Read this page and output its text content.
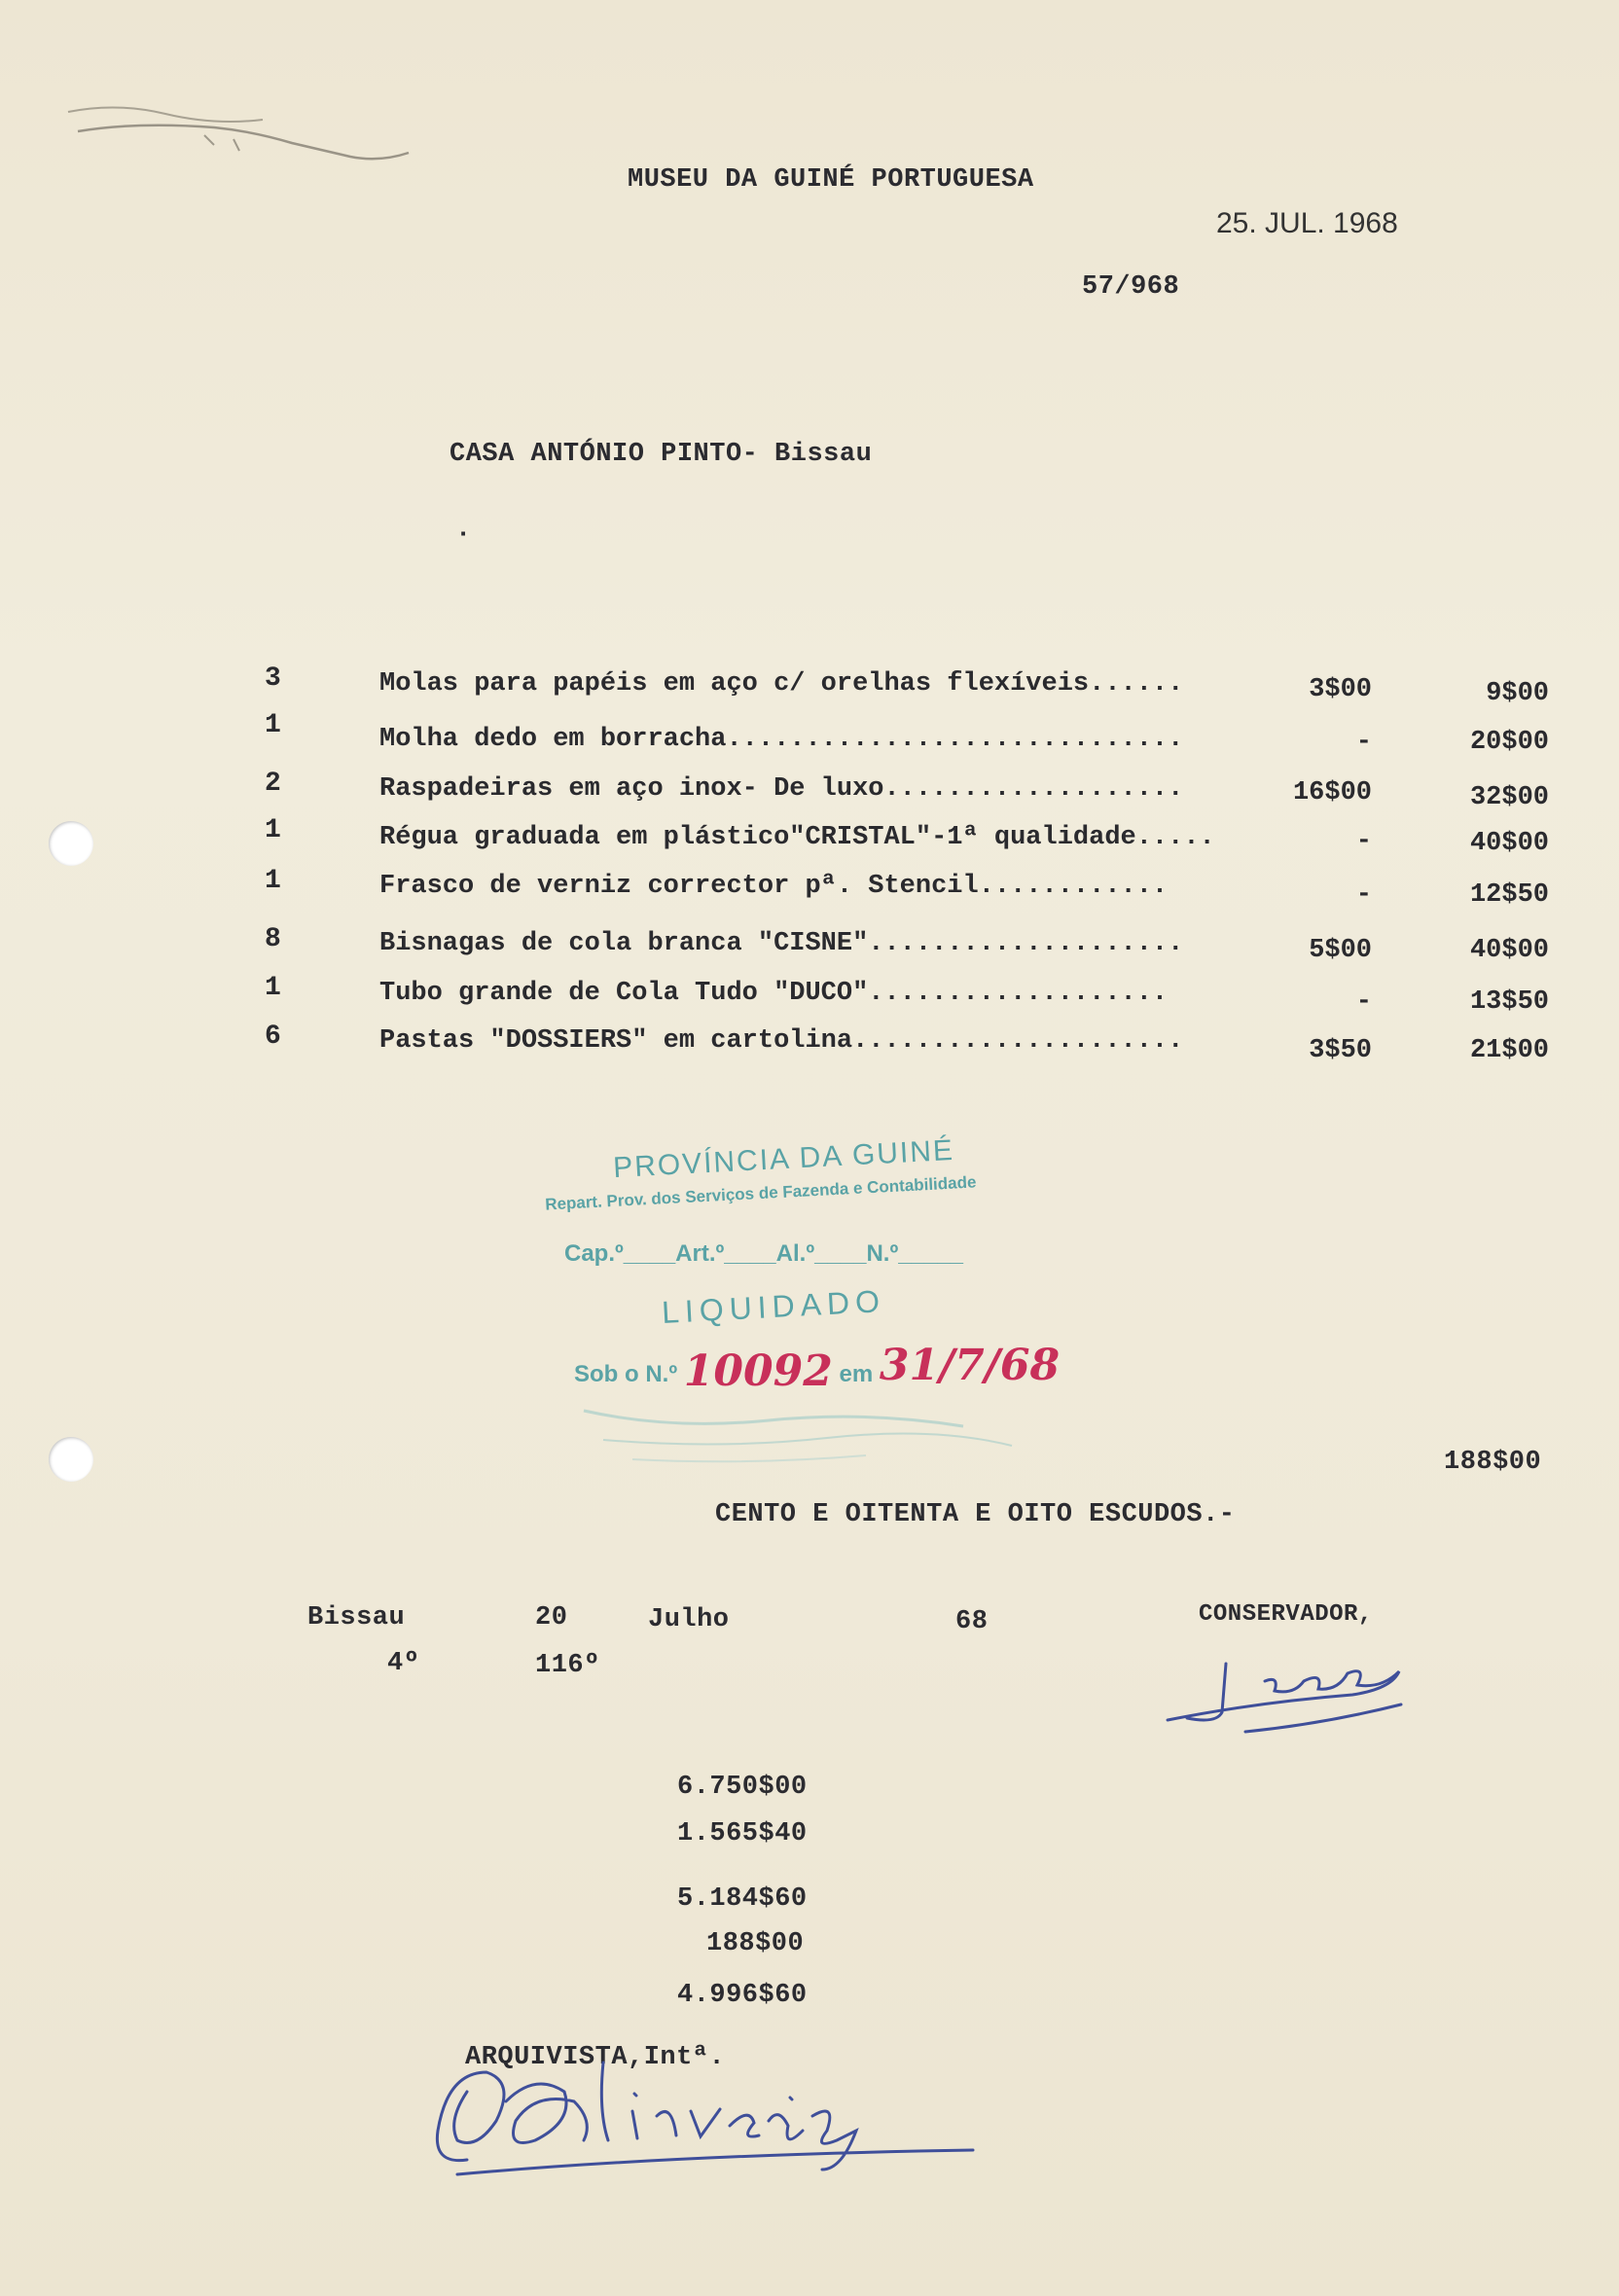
MUSEU DA GUINÉ PORTUGUESA
25. JUL. 1968
57/968
CASA ANTÓNIO PINTO- Bissau
·
3	Molas para papéis em aço c/ orelhas flexíveis......	3$00	9$00
1	Molha dedo em borracha.............................	-	20$00
2	Raspadeiras em aço inox- De luxo...................	16$00	32$00
1	Régua graduada em plástico"CRISTAL"-1ª qualidade.....	-	40$00
1	Frasco de verniz corrector pª. Stencil............	-	12$50
8	Bisnagas de cola branca "CISNE"....................	5$00	40$00
1	Tubo grande de Cola Tudo "DUCO"...................	-	13$50
6	Pastas "DOSSIERS" em cartolina.....................	3$50	21$00
PROVÍNCIA DA GUINÉ
Repart. Prov. dos Serviços de Fazenda e Contabilidade
Cap.º____Art.º____Al.º____N.º_____
LIQUIDADO
Sob o N.º 10092 em 31/7/68
188$00
CENTO E OITENTA E OITO ESCUDOS.-
Bissau	20	Julho	68	CONSERVADOR,
4º	116º
6.750$00
1.565$40
5.184$60
188$00
4.996$60
ARQUIVISTA,Intª.
